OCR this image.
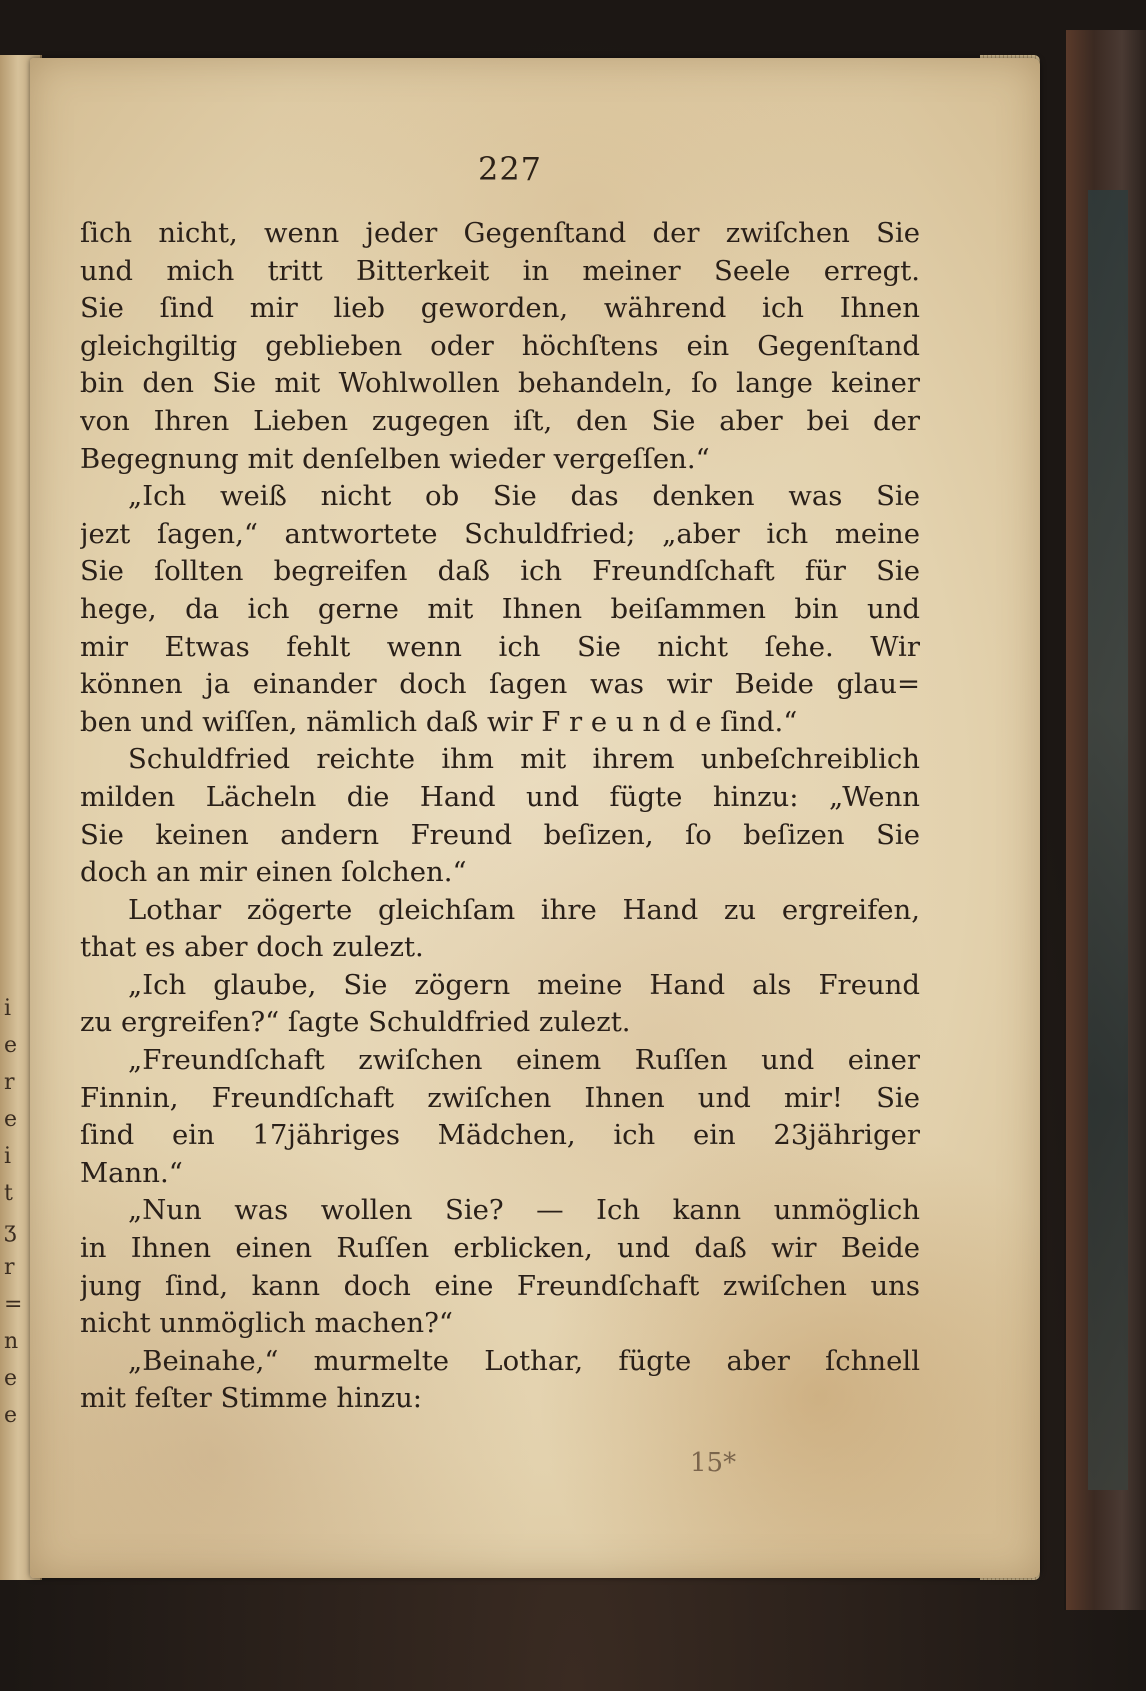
i
e
r
e
i
t
ʒ
r
=
n
e
e
227
ſich nicht, wenn jeder Gegenſtand der zwiſchen Sie
und mich tritt Bitterkeit in meiner Seele erregt.
Sie ſind mir lieb geworden, während ich Ihnen
gleichgiltig geblieben oder höchſtens ein Gegenſtand
bin den Sie mit Wohlwollen behandeln, ſo lange keiner
von Ihren Lieben zugegen iſt, den Sie aber bei der
Begegnung mit denſelben wieder vergeſſen.“
„Ich weiß nicht ob Sie das denken was Sie
jezt ſagen,“ antwortete Schuldfried; „aber ich meine
Sie ſollten begreifen daß ich Freundſchaft für Sie
hege, da ich gerne mit Ihnen beiſammen bin und
mir Etwas fehlt wenn ich Sie nicht ſehe. Wir
können ja einander doch ſagen was wir Beide glau=
ben und wiſſen, nämlich daß wir F r e u n d e ſind.“
Schuldfried reichte ihm mit ihrem unbeſchreiblich
milden Lächeln die Hand und fügte hinzu: „Wenn
Sie keinen andern Freund beſizen, ſo beſizen Sie
doch an mir einen ſolchen.“
Lothar zögerte gleichſam ihre Hand zu ergreifen,
that es aber doch zulezt.
„Ich glaube, Sie zögern meine Hand als Freund
zu ergreifen?“ ſagte Schuldfried zulezt.
„Freundſchaft zwiſchen einem Ruſſen und einer
Finnin, Freundſchaft zwiſchen Ihnen und mir! Sie
ſind ein 17jähriges Mädchen, ich ein 23jähriger
Mann.“
„Nun was wollen Sie? — Ich kann unmöglich
in Ihnen einen Ruſſen erblicken, und daß wir Beide
jung ſind, kann doch eine Freundſchaft zwiſchen uns
nicht unmöglich machen?“
„Beinahe,“ murmelte Lothar, fügte aber ſchnell
mit feſter Stimme hinzu:
15*
